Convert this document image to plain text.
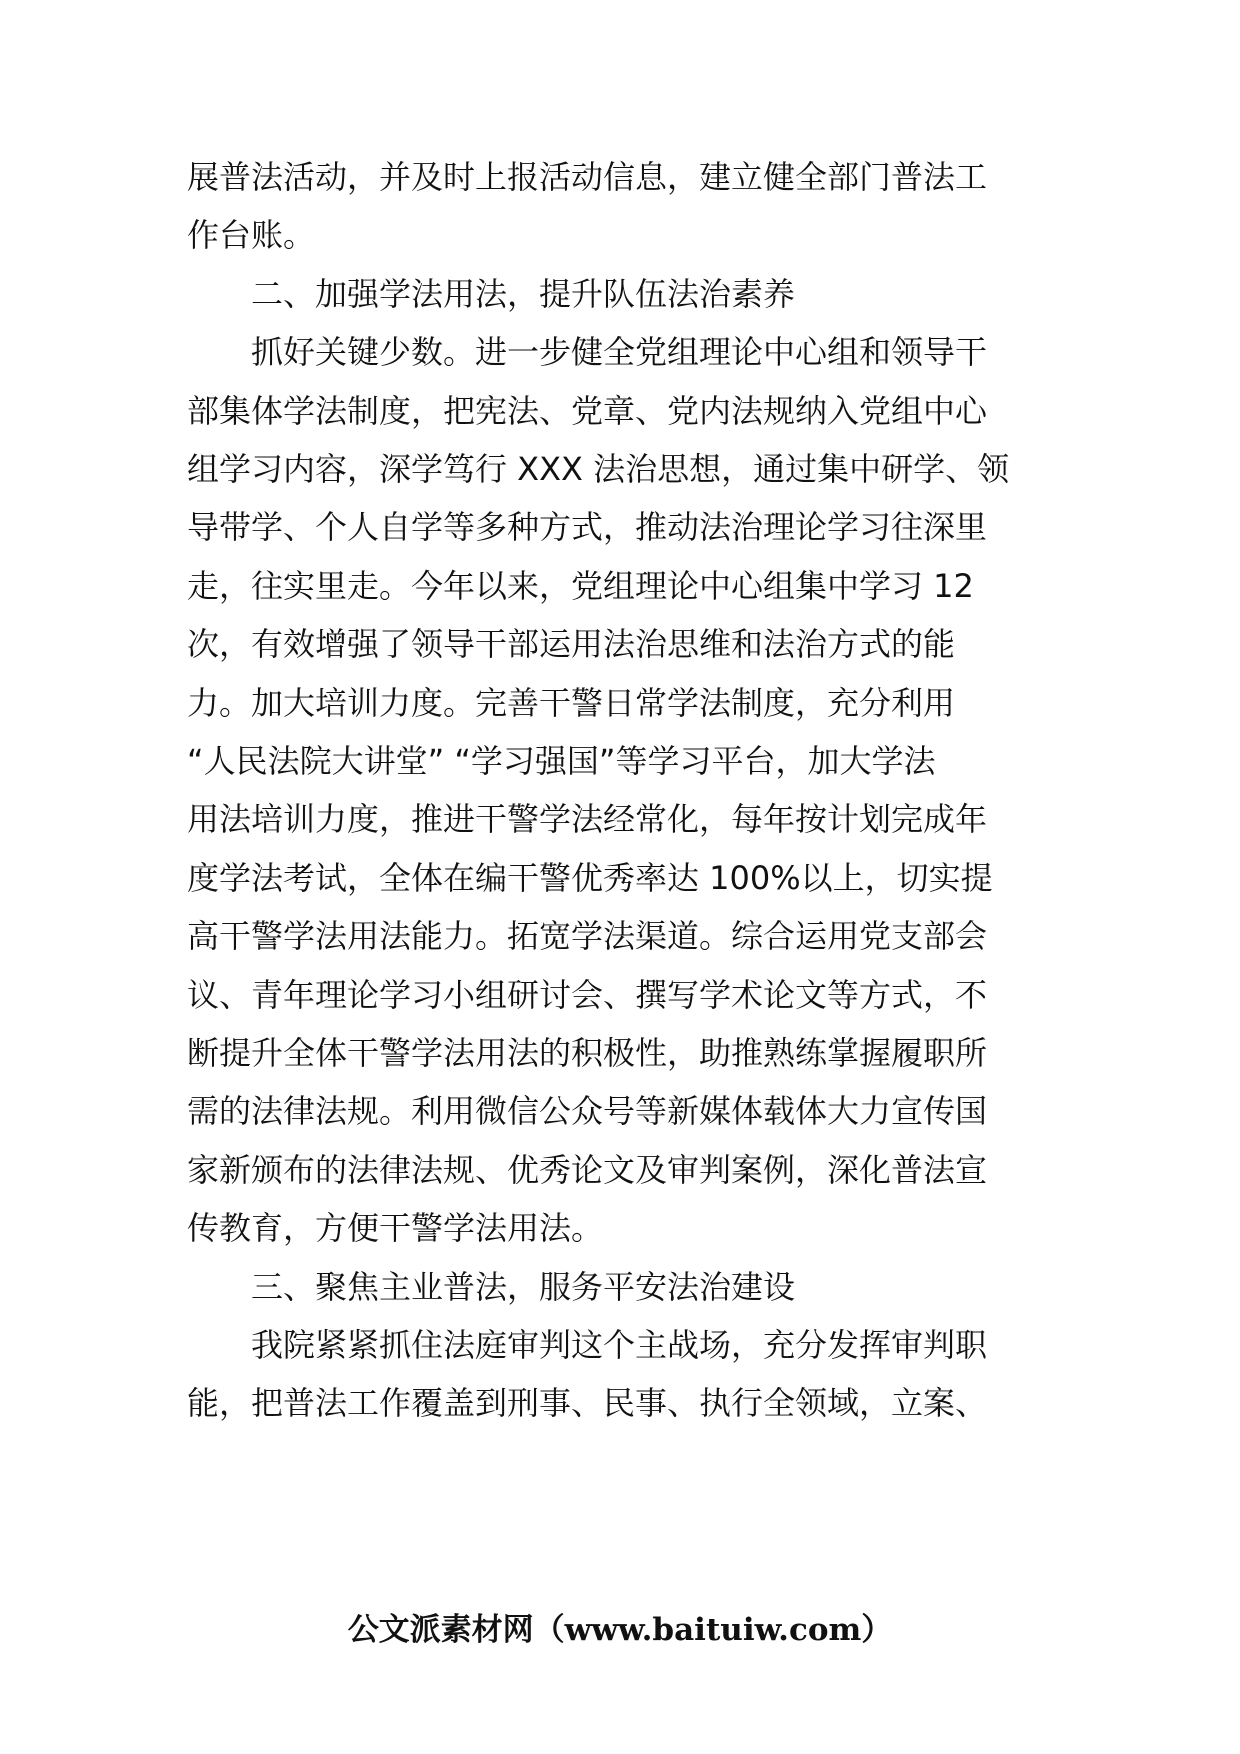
展普法活动，并及时上报活动信息，建立健全部门普法工
作台账。
二、加强学法用法，提升队伍法治素养
抓好关键少数。进一步健全党组理论中心组和领导干
部集体学法制度，把宪法、党章、党内法规纳入党组中心
组学习内容，深学笃行 XXX 法治思想，通过集中研学、领
导带学、个人自学等多种方式，推动法治理论学习往深里
走，往实里走。今年以来，党组理论中心组集中学习 12
次，有效增强了领导干部运用法治思维和法治方式的能
力。加大培训力度。完善干警日常学法制度，充分利用
“人民法院大讲堂” “学习强国”等学习平台，加大学法
用法培训力度，推进干警学法经常化，每年按计划完成年
度学法考试，全体在编干警优秀率达 100%以上，切实提
高干警学法用法能力。拓宽学法渠道。综合运用党支部会
议、青年理论学习小组研讨会、撰写学术论文等方式，不
断提升全体干警学法用法的积极性，助推熟练掌握履职所
需的法律法规。利用微信公众号等新媒体载体大力宣传国
家新颁布的法律法规、优秀论文及审判案例，深化普法宣
传教育，方便干警学法用法。
三、聚焦主业普法，服务平安法治建设
我院紧紧抓住法庭审判这个主战场，充分发挥审判职
能，把普法工作覆盖到刑事、民事、执行全领域，立案、
公文派素材网（www.baituiw.com）
